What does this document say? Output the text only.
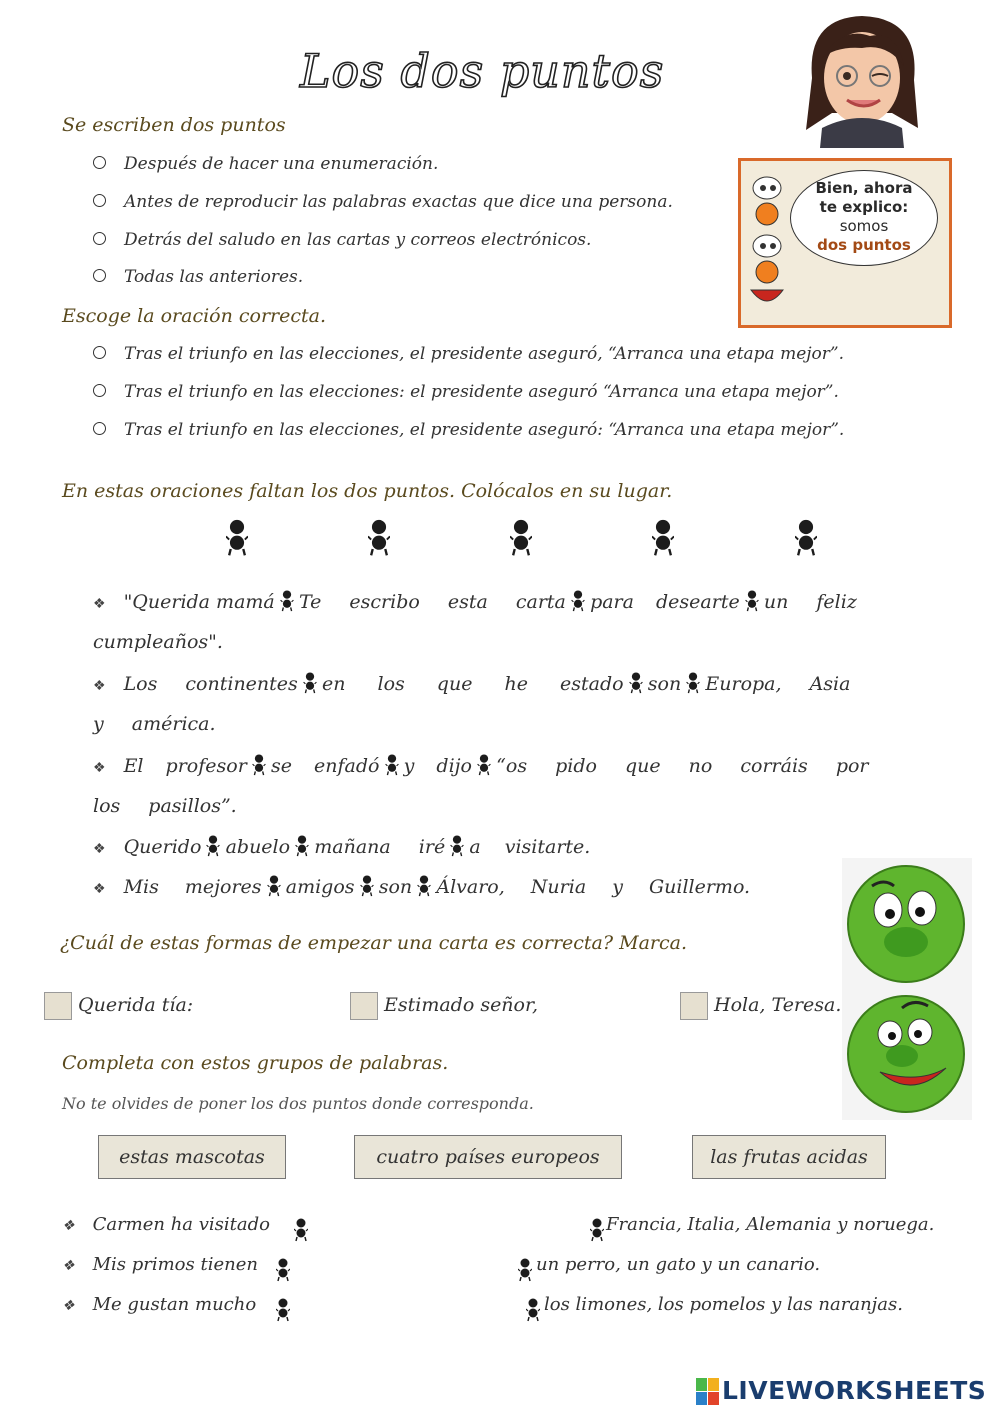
Los dos puntos
Se escriben dos puntos
Después de hacer una enumeración.
Antes de reproducir las palabras exactas que dice una persona.
Detrás del saludo en las cartas y correos electrónicos.
Todas las anteriores.
Bien, ahora
te explico:
somos
dos puntos
Escoge la oración correcta.
Tras el triunfo en las elecciones, el presidente aseguró, “Arranca una etapa mejor”.
Tras el triunfo en las elecciones: el presidente aseguró “Arranca una etapa mejor”.
Tras el triunfo en las elecciones, el presidente aseguró: “Arranca una etapa mejor”.
En estas oraciones faltan los dos puntos. Colócalos en su lugar.
❖ "Querida mamá Te escribo esta carta para desearte un feliz cumpleaños".
❖ Los continentes en los que he estado son Europa, Asia y américa.
❖ El profesor se enfadó y dijo “os pido que no corráis por los pasillos”.
❖ Querido abuelo mañana iré a visitarte.
❖ Mis mejores amigos son Álvaro, Nuria y Guillermo.
¿Cuál de estas formas de empezar una carta es correcta? Marca.
Querida tía:	Estimado señor,	Hola, Teresa.
Completa con estos grupos de palabras.
No te olvides de poner los dos puntos donde corresponda.
estas mascotas	cuatro países europeos	las frutas acidas
❖ Carmen ha visitado	Francia, Italia, Alemania y noruega.
❖ Mis primos tienen	un perro, un gato y un canario.
❖ Me gustan mucho	los limones, los pomelos y las naranjas.
LIVEWORKSHEETS
